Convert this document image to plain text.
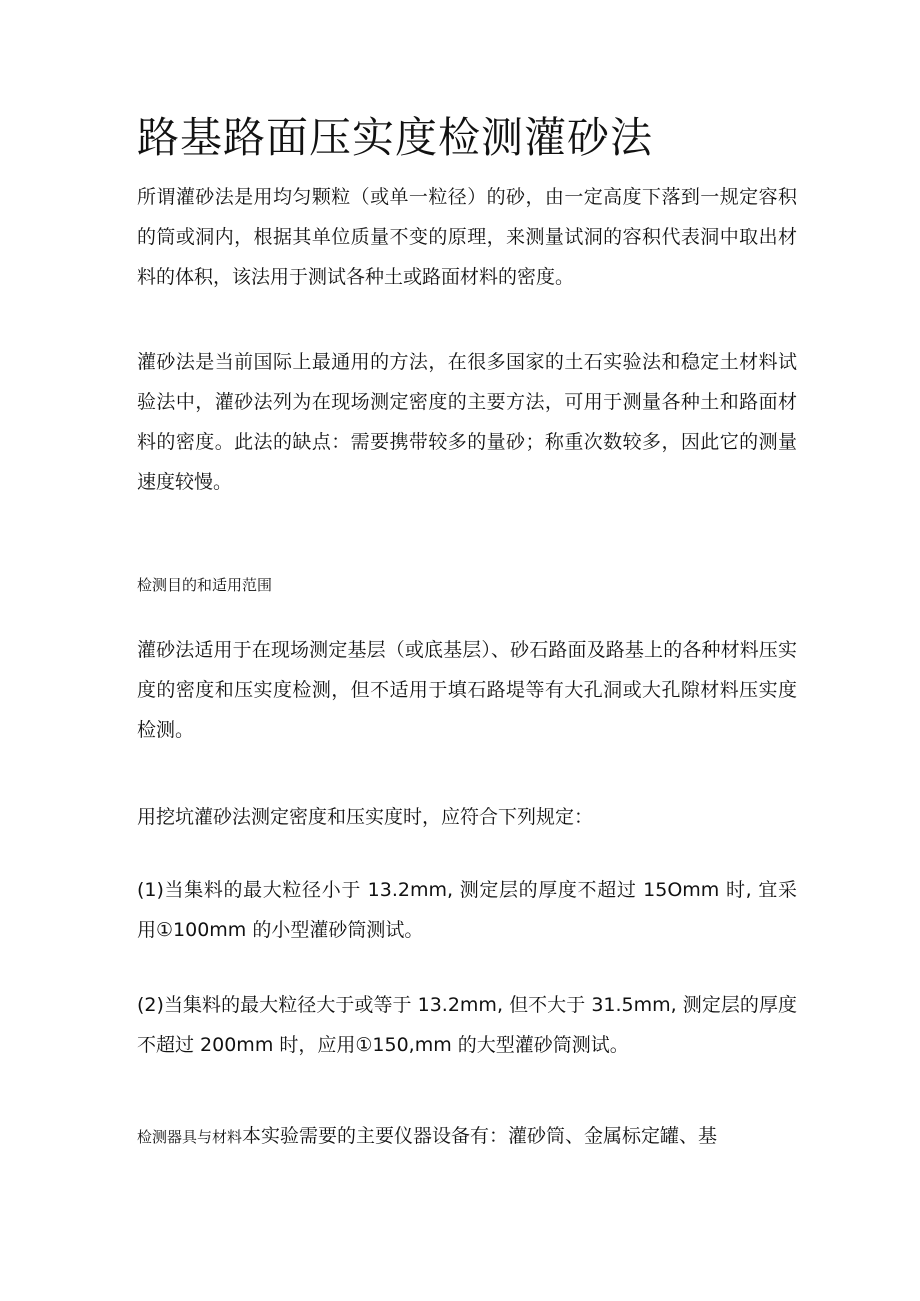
路基路面压实度检测灌砂法

所谓灌砂法是用均匀颗粒（或单一粒径）的砂，由一定高度下落到一规定容积的筒或洞内，根据其单位质量不变的原理，来测量试洞的容积代表洞中取出材料的体积，该法用于测试各种土或路面材料的密度。

灌砂法是当前国际上最通用的方法，在很多国家的土石实验法和稳定土材料试验法中，灌砂法列为在现场测定密度的主要方法，可用于测量各种土和路面材料的密度。此法的缺点：需要携带较多的量砂；称重次数较多，因此它的测量速度较慢。

检测目的和适用范围

灌砂法适用于在现场测定基层（或底基层）、砂石路面及路基上的各种材料压实度的密度和压实度检测，但不适用于填石路堤等有大孔洞或大孔隙材料压实度检测。

用挖坑灌砂法测定密度和压实度时，应符合下列规定：

(1)当集料的最大粒径小于 13.2mm, 测定层的厚度不超过 15Omm 时, 宜采用①100mm 的小型灌砂筒测试。

(2)当集料的最大粒径大于或等于 13.2mm, 但不大于 31.5mm, 测定层的厚度不超过 200mm 时，应用①150,mm 的大型灌砂筒测试。

检测器具与材料本实验需要的主要仪器设备有：灌砂筒、金属标定罐、基
